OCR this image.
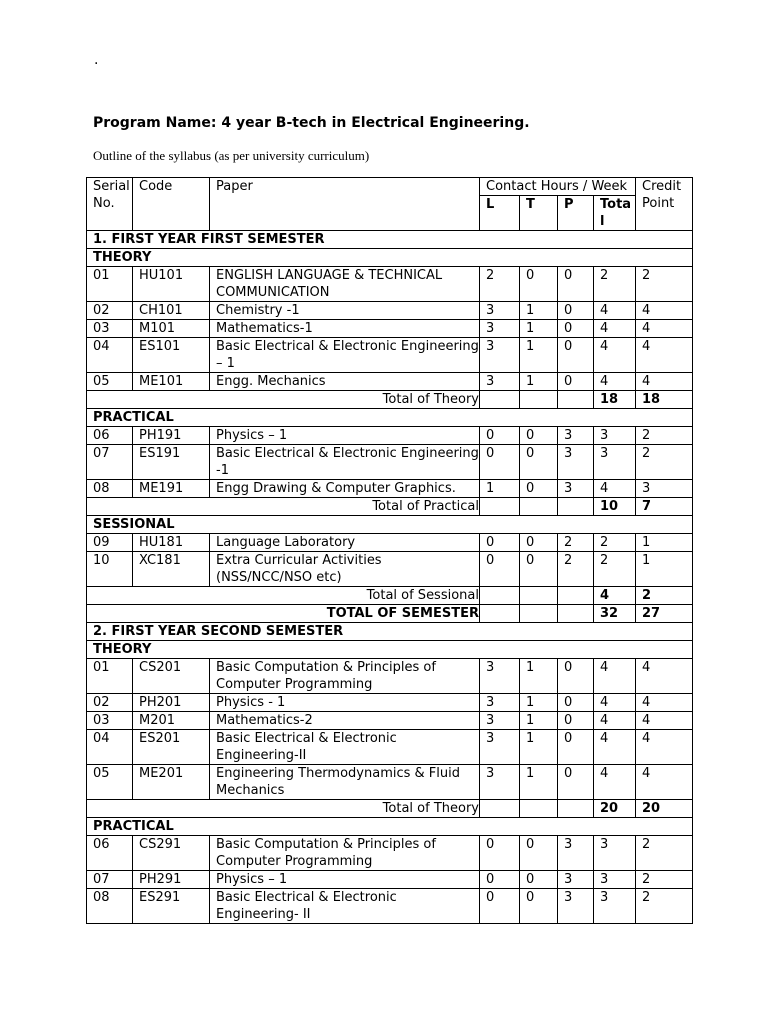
.
Program Name: 4 year B-tech in Electrical Engineering.
Outline of the syllabus (as per university curriculum)
Serial No.	Code	Paper	Contact Hours / Week				Credit Point
			L	T	P	Total	
1. FIRST YEAR FIRST SEMESTER							
THEORY							
01	HU101	ENGLISH LANGUAGE & TECHNICAL COMMUNICATION	2	0	0	2	2
02	CH101	Chemistry -1	3	1	0	4	4
03	M101	Mathematics-1	3	1	0	4	4
04	ES101	Basic Electrical & Electronic Engineering – 1	3	1	0	4	4
05	ME101	Engg. Mechanics	3	1	0	4	4
Total of Theory						18	18
PRACTICAL							
06	PH191	Physics – 1	0	0	3	3	2
07	ES191	Basic Electrical & Electronic Engineering -1	0	0	3	3	2
08	ME191	Engg Drawing & Computer Graphics.	1	0	3	4	3
Total of Practical						10	7
SESSIONAL							
09	HU181	Language Laboratory	0	0	2	2	1
10	XC181	Extra Curricular Activities (NSS/NCC/NSO etc)	0	0	2	2	1
Total of Sessional						4	2
TOTAL OF SEMESTER						32	27
2. FIRST YEAR SECOND SEMESTER							
THEORY							
01	CS201	Basic Computation & Principles of Computer Programming	3	1	0	4	4
02	PH201	Physics - 1	3	1	0	4	4
03	M201	Mathematics-2	3	1	0	4	4
04	ES201	Basic Electrical & Electronic Engineering-II	3	1	0	4	4
05	ME201	Engineering Thermodynamics & Fluid Mechanics	3	1	0	4	4
Total of Theory						20	20
PRACTICAL							
06	CS291	Basic Computation & Principles of Computer Programming	0	0	3	3	2
07	PH291	Physics – 1	0	0	3	3	2
08	ES291	Basic Electrical & Electronic Engineering- II	0	0	3	3	2
